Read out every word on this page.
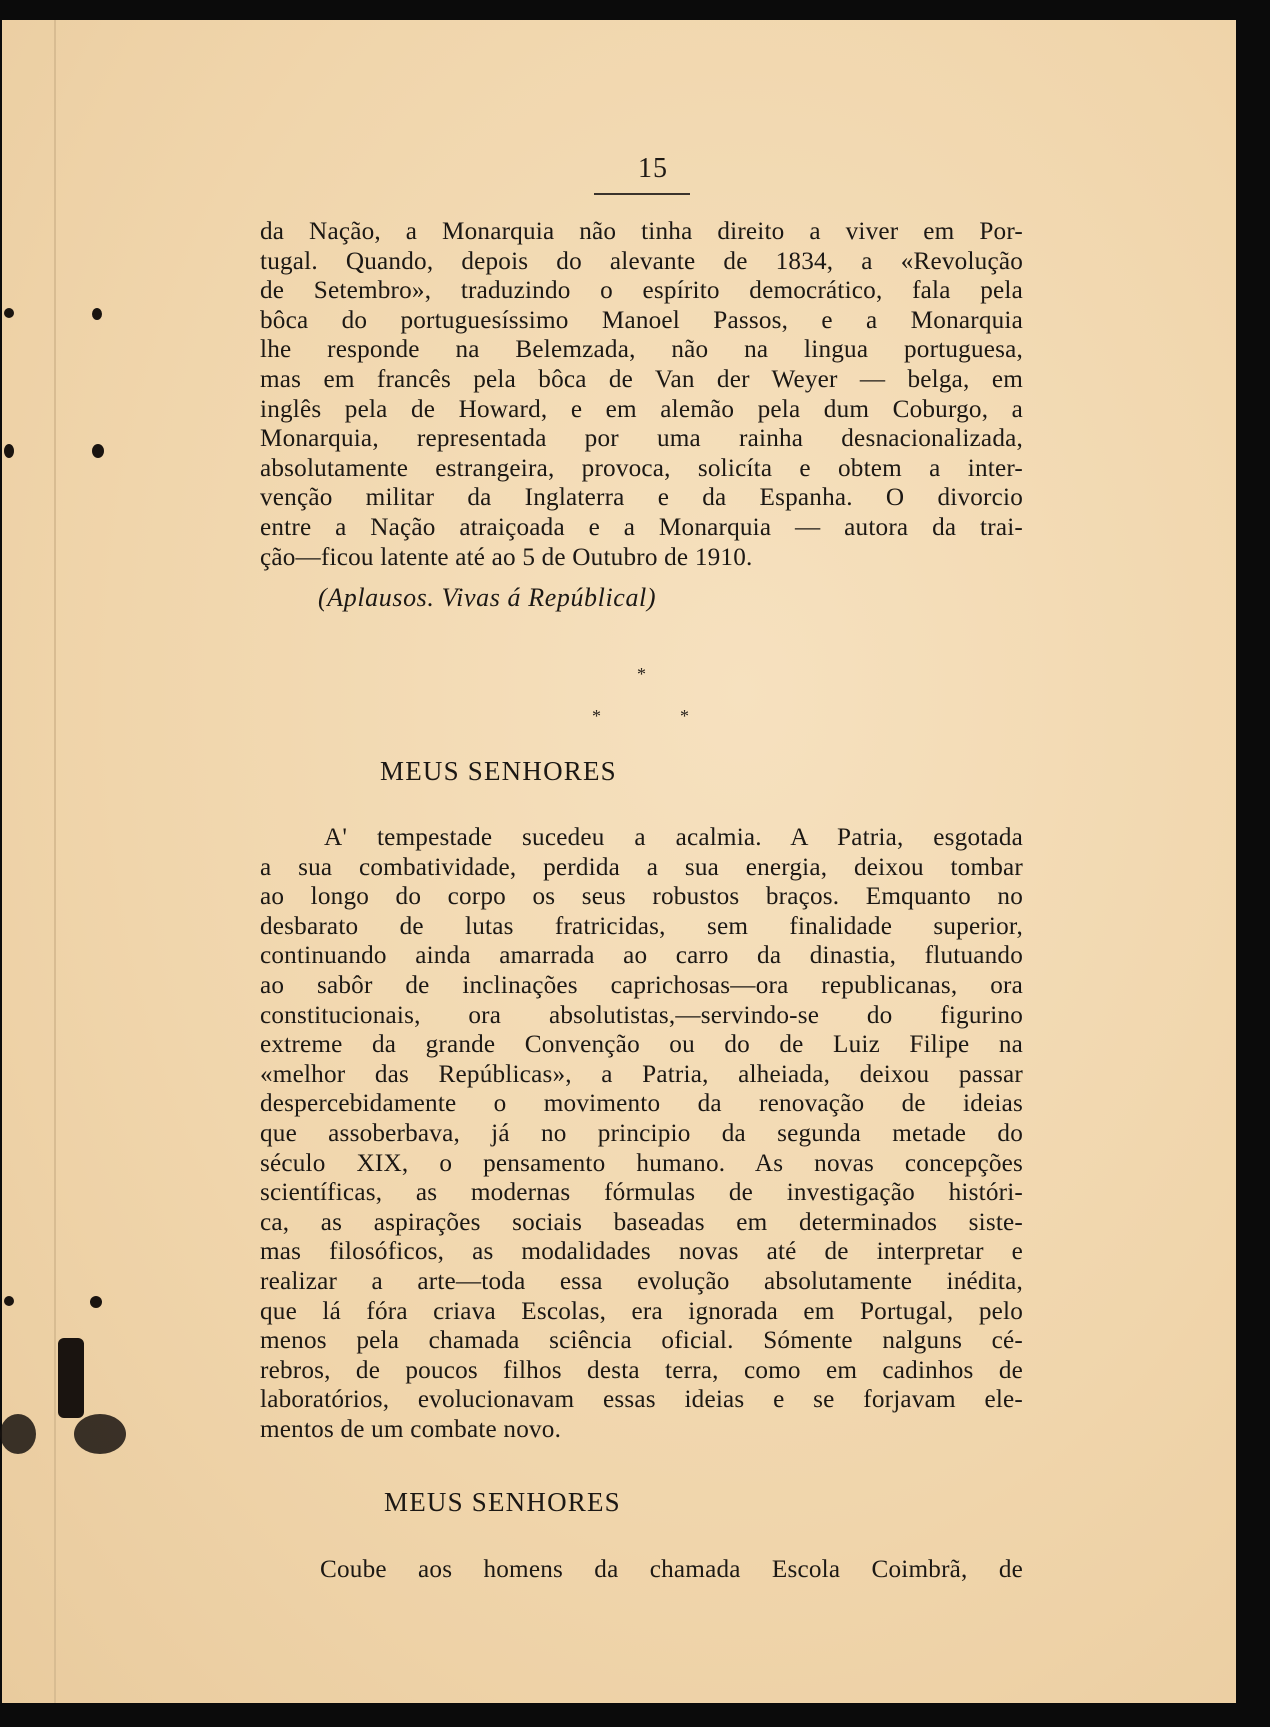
15
da Nação, a Monarquia não tinha direito a viver em Por-
tugal. Quando, depois do alevante de 1834, a «Revolução
de Setembro», traduzindo o espírito democrático, fala pela
bôca do portuguesíssimo Manoel Passos, e a Monarquia
lhe responde na Belemzada, não na lingua portuguesa,
mas em francês pela bôca de Van der Weyer — belga, em
inglês pela de Howard, e em alemão pela dum Coburgo, a
Monarquia, representada por uma rainha desnacionalizada,
absolutamente estrangeira, provoca, solicíta e obtem a inter-
venção militar da Inglaterra e da Espanha. O divorcio
entre a Nação atraiçoada e a Monarquia — autora da trai-
ção—ficou latente até ao 5 de Outubro de 1910.
(Aplausos. Vivas á Repúblical)
*
*	*
MEUS SENHORES
A' tempestade sucedeu a acalmia. A Patria, esgotada
a sua combatividade, perdida a sua energia, deixou tombar
ao longo do corpo os seus robustos braços. Emquanto no
desbarato de lutas fratricidas, sem finalidade superior,
continuando ainda amarrada ao carro da dinastia, flutuando
ao sabôr de inclinações caprichosas—ora republicanas, ora
constitucionais, ora absolutistas,—servindo-se do figurino
extreme da grande Convenção ou do de Luiz Filipe na
«melhor das Repúblicas», a Patria, alheiada, deixou passar
despercebidamente o movimento da renovação de ideias
que assoberbava, já no principio da segunda metade do
século XIX, o pensamento humano. As novas concepções
scientíficas, as modernas fórmulas de investigação históri-
ca, as aspirações sociais baseadas em determinados siste-
mas filosóficos, as modalidades novas até de interpretar e
realizar a arte—toda essa evolução absolutamente inédita,
que lá fóra criava Escolas, era ignorada em Portugal, pelo
menos pela chamada sciência oficial. Sómente nalguns cé-
rebros, de poucos filhos desta terra, como em cadinhos de
laboratórios, evolucionavam essas ideias e se forjavam ele-
mentos de um combate novo.
MEUS SENHORES
Coube aos homens da chamada Escola Coimbrã, de
